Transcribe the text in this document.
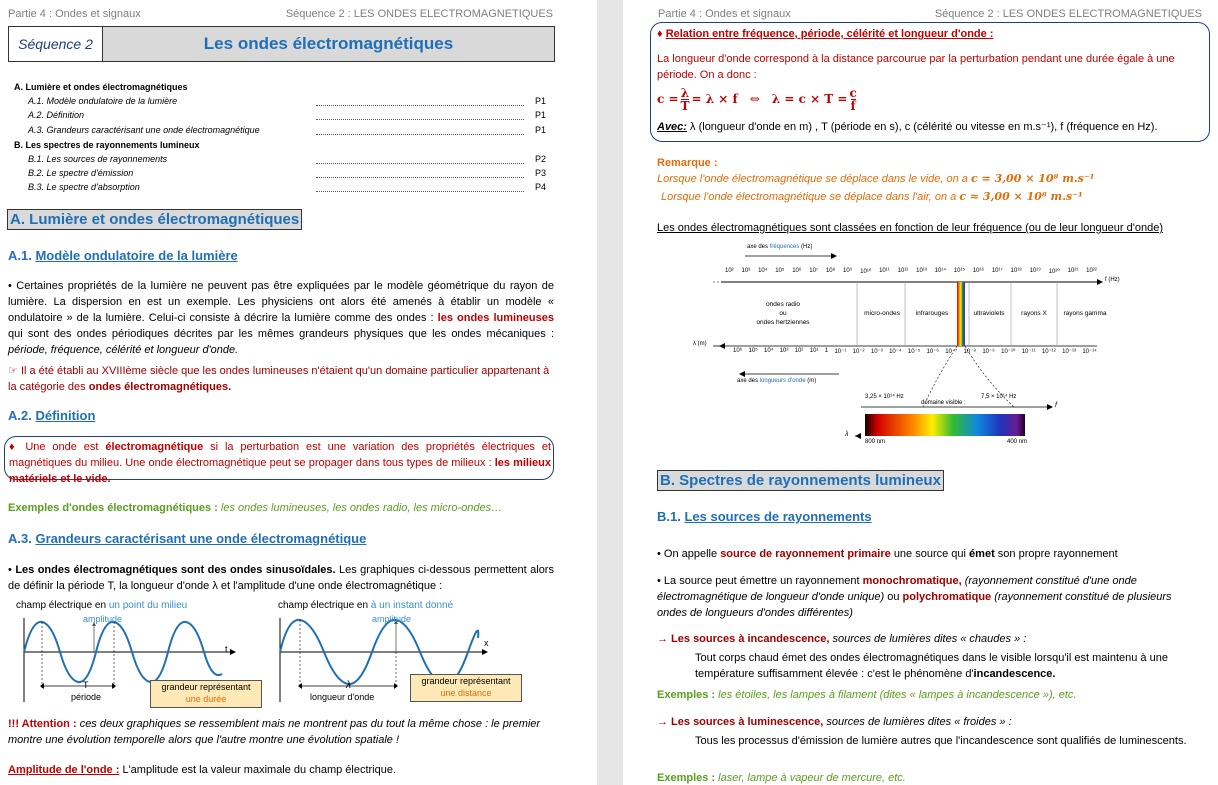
Partie 4 : Ondes et signaux	Séquence 2 : LES ONDES ELECTROMAGNETIQUES
Séquence 2	Les ondes électromagnétiques
A. Lumière et ondes électromagnétiques
A.1. Modèle ondulatoire de la lumière	P1
A.2. Définition	P1
A.3. Grandeurs caractérisant une onde électromagnétique	P1
B. Les spectres de rayonnements lumineux
B.1. Les sources de rayonnements	P2
B.2. Le spectre d'émission	P3
B.3. Le spectre d'absorption	P4
A. Lumière et ondes électromagnétiques
A.1. Modèle ondulatoire de la lumière
• Certaines propriétés de la lumière ne peuvent pas être expliquées par le modèle géométrique du rayon de lumière. La dispersion en est un exemple. Les physiciens ont alors été amenés à établir un modèle « ondulatoire » de la lumière. Celui-ci consiste à décrire la lumière comme des ondes : les ondes lumineuses qui sont des ondes périodiques décrites par les mêmes grandeurs physiques que les ondes mécaniques : période, fréquence, célérité et longueur d'onde.
☞ Il a été établi au XVIIIème siècle que les ondes lumineuses n'étaient qu'un domaine particulier appartenant à la catégorie des ondes électromagnétiques.
A.2. Définition
♦ Une onde est électromagnétique si la perturbation est une variation des propriétés électriques et magnétiques du milieu. Une onde électromagnétique peut se propager dans tous types de milieux : les milieux matériels et le vide.
Exemples d'ondes électromagnétiques : les ondes lumineuses, les ondes radio, les micro-ondes…
A.3. Grandeurs caractérisant une onde électromagnétique
• Les ondes électromagnétiques sont des ondes sinusoïdales. Les graphiques ci-dessous permettent alors de définir la période T, la longueur d'onde λ et l'amplitude d'une onde électromagnétique :
champ électrique en un point du milieu
amplitude
t
T
période
grandeur représentant
une durée
champ électrique en à un instant donné
amplitude
x
λ
longueur d'onde
grandeur représentant
une distance
!!! Attention : ces deux graphiques se ressemblent mais ne montrent pas du tout la même chose : le premier montre une évolution temporelle alors que l'autre montre une évolution spatiale !
Amplitude de l'onde : L'amplitude est la valeur maximale du champ électrique.
Partie 4 : Ondes et signaux	Séquence 2 : LES ONDES ELECTROMAGNETIQUES
♦ Relation entre fréquence, période, célérité et longueur d'onde :
La longueur d'onde correspond à la distance parcourue par la perturbation pendant une durée égale à une période. On a donc :
$c = \frac{\lambda}{T} = \lambda \times f$ ⇔ $\lambda = c \times T = \frac{c}{f}$
Avec: λ (longueur d'onde en m) , T (période en s), c (célérité ou vitesse en m.s⁻¹), f (fréquence en Hz).
Remarque :
Lorsque l'onde électromagnétique se déplace dans le vide, on a c = 3,00 × 10⁸ m.s⁻¹
Lorsque l'onde électromagnétique se déplace dans l'air, on a c ≈ 3,00 × 10⁸ m.s⁻¹
Les ondes électromagnétiques sont classées en fonction de leur fréquence (ou de leur longueur d'onde)
axe des fréquences (Hz)
10² 10³ 10⁴ 10⁵ 10⁶ 10⁷ 10⁸ 10⁹ 10¹⁰ 10¹¹ 10¹² 10¹³ 10¹⁴ 10¹⁵ 10¹⁶ 10¹⁷ 10¹⁸ 10¹⁹ 10²⁰ 10²¹ 10²²
f (Hz)
λ (m)
10⁶ 10⁵ 10⁴ 10³ 10² 10¹ 1 10⁻¹ 10⁻² 10⁻³ 10⁻⁴ 10⁻⁵ 10⁻⁶ 10⁻⁷ 10⁻⁸ 10⁻⁹ 10⁻¹⁰ 10⁻¹¹ 10⁻¹² 10⁻¹³ 10⁻¹⁴
ondes radio
ou
ondes hertziennes
micro-ondes	infrarouges	ultraviolets	rayons X	rayons gamma
axe des longueurs d'onde (m)
3,25 × 10¹⁴ Hz
domaine visible :
7,5 × 10¹⁴ Hz
f
λ
800 nm	400 nm
B. Spectres de rayonnements lumineux
B.1. Les sources de rayonnements
• On appelle source de rayonnement primaire une source qui émet son propre rayonnement
• La source peut émettre un rayonnement monochromatique, (rayonnement constitué d'une onde électromagnétique de longueur d'onde unique) ou polychromatique (rayonnement constitué de plusieurs ondes de longueurs d'ondes différentes)
→ Les sources à incandescence, sources de lumières dites « chaudes » :
Tout corps chaud émet des ondes électromagnétiques dans le visible lorsqu'il est maintenu à une température suffisamment élevée : c'est le phénomène d'incandescence.
Exemples : les étoiles, les lampes à filament (dites « lampes à incandescence »), etc.
→ Les sources à luminescence, sources de lumières dites « froides » :
Tous les processus d'émission de lumière autres que l'incandescence sont qualifiés de luminescents.
Exemples : laser, lampe à vapeur de mercure, etc.
